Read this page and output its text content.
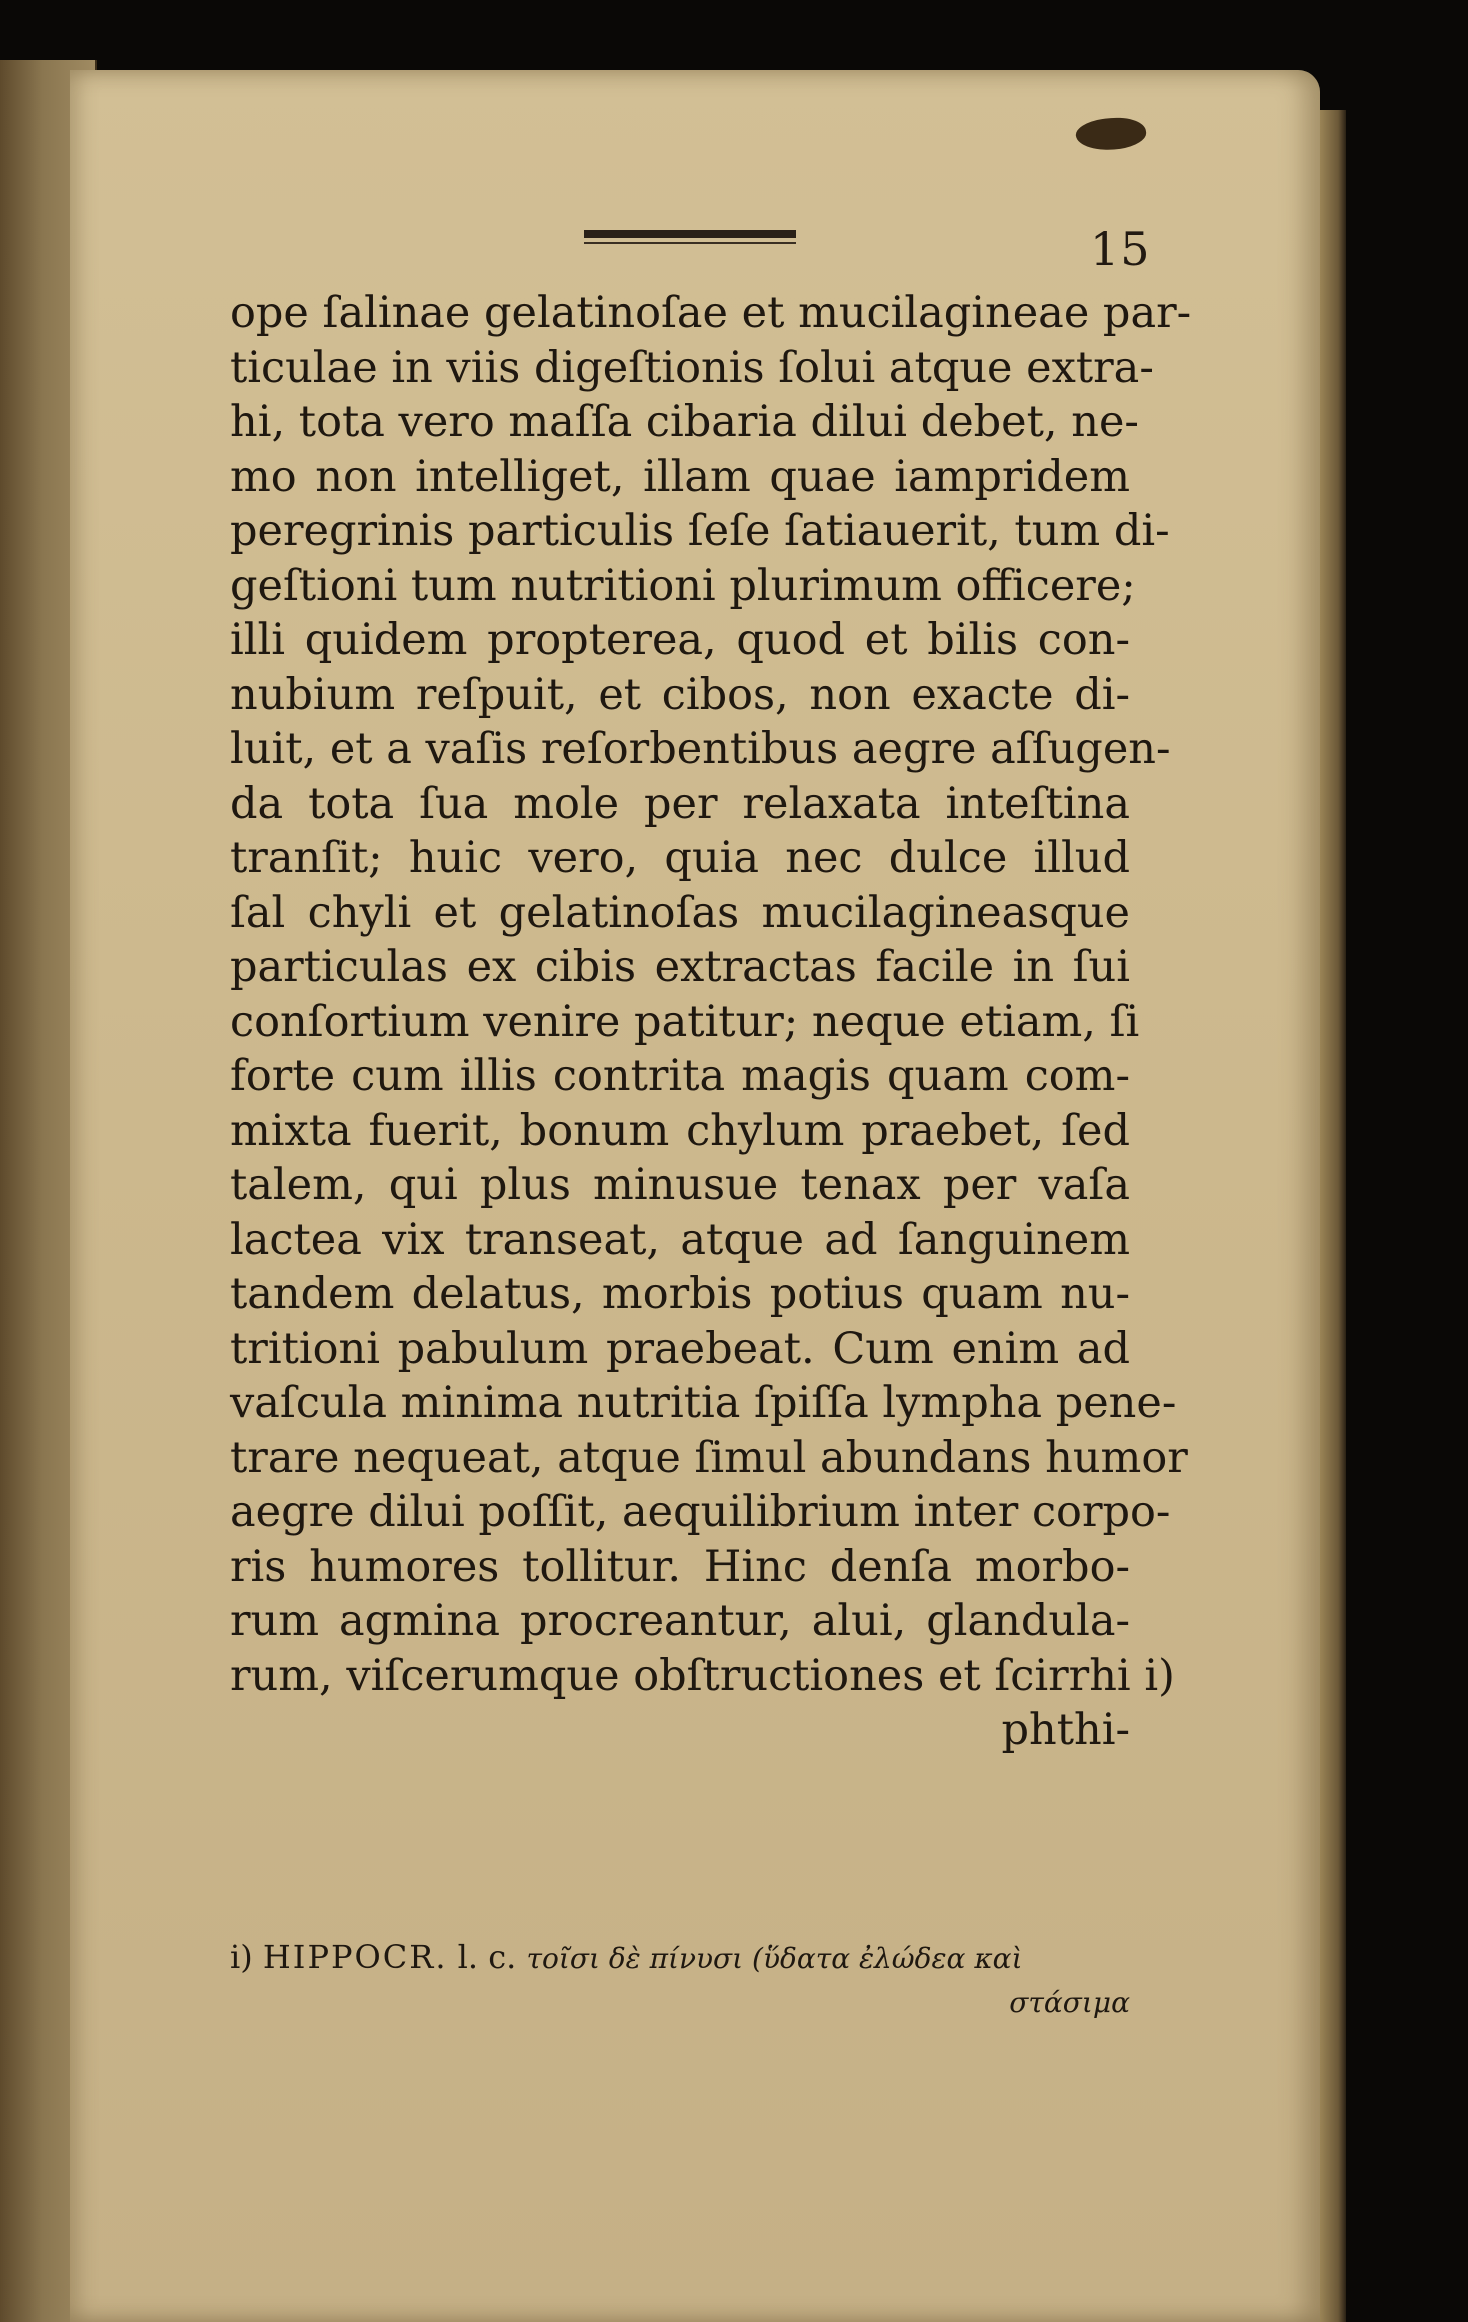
15
ope ſalinae gelatinoſae et mucilagineae par-
ticulae in viis digeſtionis ſolui atque extra-
hi, tota vero maſſa cibaria dilui debet, ne-
mo non intelliget, illam quae iampridem
peregrinis particulis ſeſe ſatiauerit, tum di-
geſtioni tum nutritioni plurimum officere;
illi quidem propterea, quod et bilis con-
nubium reſpuit, et cibos, non exacte di-
luit, et a vaſis reſorbentibus aegre aſſugen-
da tota ſua mole per relaxata inteſtina
tranſit; huic vero, quia nec dulce illud
ſal chyli et gelatinoſas mucilagineasque
particulas ex cibis extractas facile in ſui
conſortium venire patitur; neque etiam, ſi
forte cum illis contrita magis quam com-
mixta fuerit, bonum chylum praebet, ſed
talem, qui plus minusue tenax per vaſa
lactea vix transeat, atque ad ſanguinem
tandem delatus, morbis potius quam nu-
tritioni pabulum praebeat. Cum enim ad
vaſcula minima nutritia ſpiſſa lympha pene-
trare nequeat, atque ſimul abundans humor
aegre dilui poſſit, aequilibrium inter corpo-
ris humores tollitur. Hinc denſa morbo-
rum agmina procreantur, alui, glandula-
rum, viſcerumque obſtructiones et ſcirrhi i)
phthi-
i) HIPPOCR. l. c. τοῖσι δὲ πίνυσι (ὕδατα ἐλώδεα καὶ
στάσιμα
